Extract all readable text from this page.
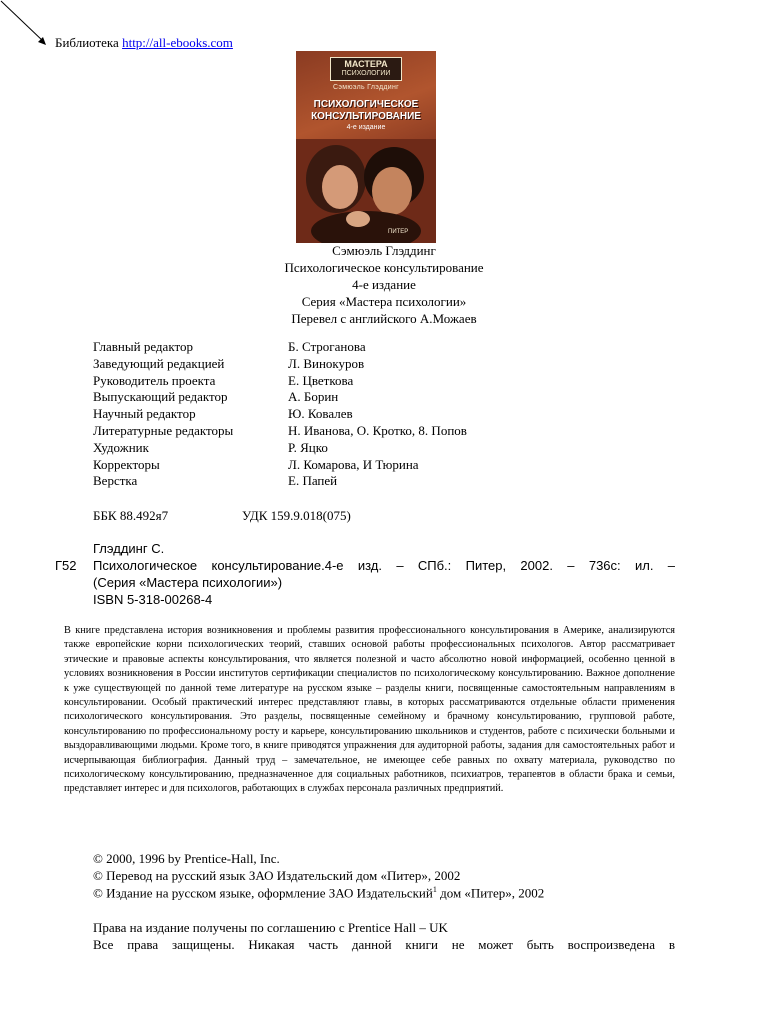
Библиотека http://all-ebooks.com
МАСТЕРА
ПСИХОЛОГИИ
Сэмюэль Глэддинг
ПСИХОЛОГИЧЕСКОЕ
КОНСУЛЬТИРОВАНИЕ
4-е издание
ПИТЕР
Сэмюэль Глэддинг
Психологическое консультирование
4-е издание
Серия «Мастера психологии»
Перевел с английского А.Можаев
Главный редактор	Б. Строганова
Заведующий редакцией	Л. Винокуров
Руководитель проекта	Е. Цветкова
Выпускающий редактор	А. Борин
Научный редактор	Ю. Ковалев
Литературные редакторы	Н. Иванова, О. Кротко, 8. Попов
Художник	Р. Яцко
Корректоры	Л. Комарова, И Тюрина
Верстка	Е. Папей
ББК 88.492я7	УДК 159.9.018(075)
Глэддинг С.
Г52 Психологическое консультирование.4-е изд. – СПб.: Питер, 2002. – 736с: ил. –
(Серия «Мастера психологии»)
ISBN 5-318-00268-4
В книге представлена история возникновения и проблемы развития профессионального консультирования в Америке, анализируются также европейские корни психологических теорий, ставших основой работы профессиональных психологов. Автор рассматривает этические и правовые аспекты консультирования, что является полезной и часто абсолютно новой информацией, особенно ценной в условиях возникновения в России институтов сертификации специалистов по психологическому консультированию. Важное дополнение к уже существующей по данной теме литературе на русском языке – разделы книги, посвященные самостоятельным направлениям в консультировании. Особый практический интерес представляют главы, в которых рассматриваются отдельные области применения психологического консультирования. Это разделы, посвященные семейному и брачному консультированию, групповой работе, консультированию по профессиональному росту и карьере, консультированию школьников и студентов, работе с психически больными и выздоравливающими людьми. Кроме того, в книге приводятся упражнения для аудиторной работы, задания для самостоятельных работ и исчерпывающая библиография. Данный труд – замечательное, не имеющее себе равных по охвату материала, руководство по психологическому консультированию, предназначенное для социальных работников, психиатров, терапевтов в области брака и семьи, представляет интерес и для психологов, работающих в службах персонала различных предприятий.
© 2000, 1996 by Prentice-Hall, Inc.
© Перевод на русский язык ЗАО Издательский дом «Питер», 2002
© Издание на русском языке, оформление ЗАО Издательский$^1$ дом «Питер», 2002
Права на издание получены по соглашению с Prentice Hall – UK
Все права защищены. Никакая часть данной книги не может быть воспроизведена в
